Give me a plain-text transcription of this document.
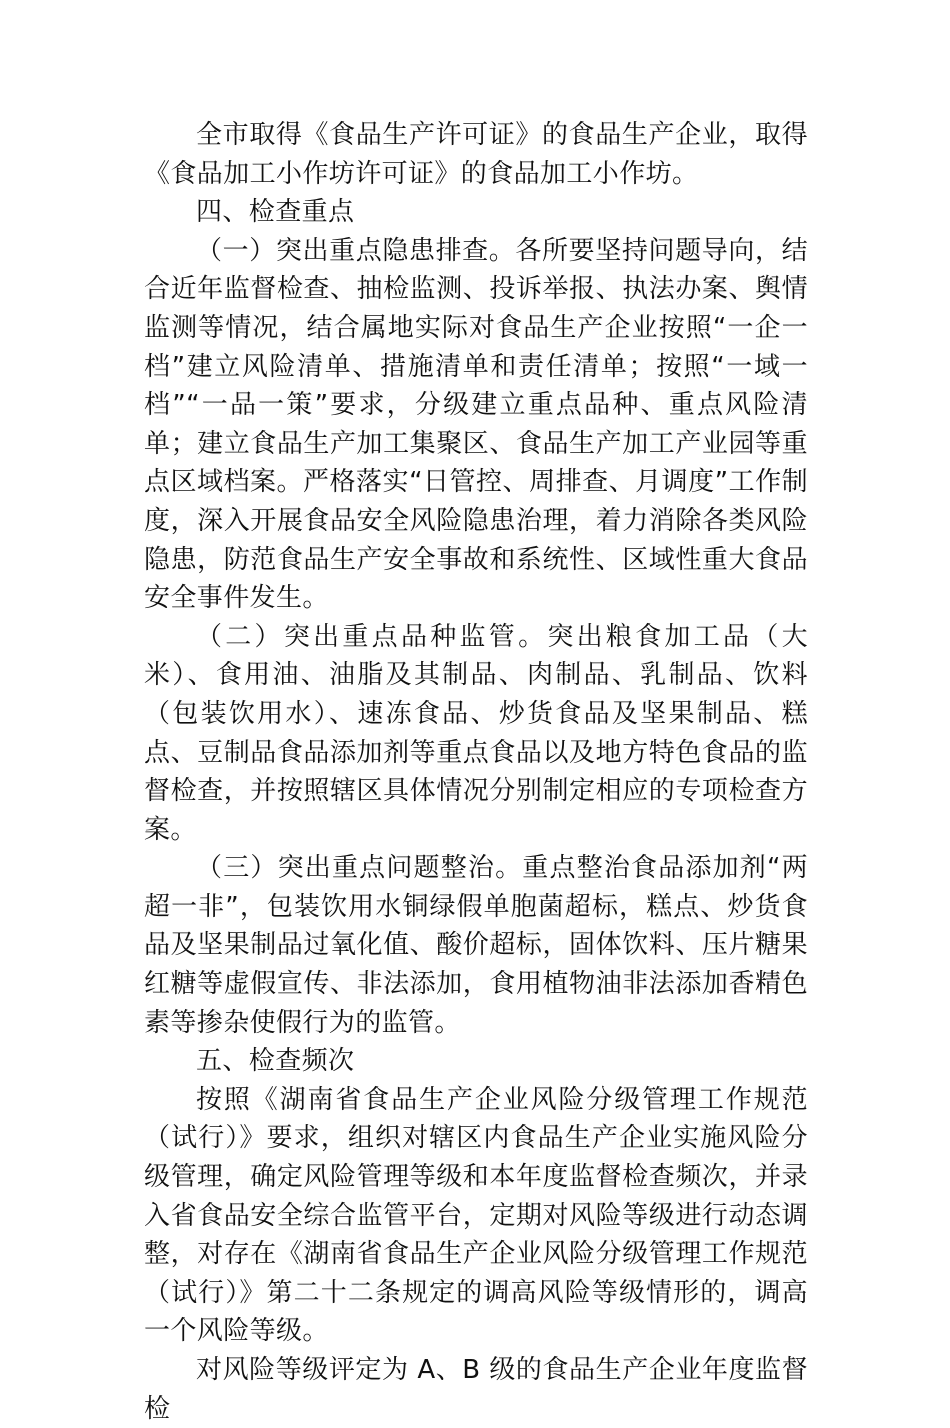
全市取得《食品生产许可证》的食品生产企业，取得《食品加工小作坊许可证》的食品加工小作坊。

四、检查重点

（一）突出重点隐患排查。各所要坚持问题导向，结合近年监督检查、抽检监测、投诉举报、执法办案、舆情监测等情况，结合属地实际对食品生产企业按照“一企一档”建立风险清单、措施清单和责任清单；按照“一域一档”“一品一策”要求，分级建立重点品种、重点风险清单；建立食品生产加工集聚区、食品生产加工产业园等重点区域档案。严格落实“日管控、周排查、月调度”工作制度，深入开展食品安全风险隐患治理，着力消除各类风险隐患，防范食品生产安全事故和系统性、区域性重大食品安全事件发生。

（二）突出重点品种监管。突出粮食加工品（大米）、食用油、油脂及其制品、肉制品、乳制品、饮料（包装饮用水）、速冻食品、炒货食品及坚果制品、糕点、豆制品食品添加剂等重点食品以及地方特色食品的监督检查，并按照辖区具体情况分别制定相应的专项检查方案。

（三）突出重点问题整治。重点整治食品添加剂“两超一非”，包装饮用水铜绿假单胞菌超标，糕点、炒货食品及坚果制品过氧化值、酸价超标，固体饮料、压片糖果红糖等虚假宣传、非法添加，食用植物油非法添加香精色素等掺杂使假行为的监管。

五、检查频次

按照《湖南省食品生产企业风险分级管理工作规范（试行）》要求，组织对辖区内食品生产企业实施风险分级管理，确定风险管理等级和本年度监督检查频次，并录入省食品安全综合监管平台，定期对风险等级进行动态调整，对存在《湖南省食品生产企业风险分级管理工作规范（试行）》第二十二条规定的调高风险等级情形的，调高一个风险等级。

对风险等级评定为 A、B 级的食品生产企业年度监督检
